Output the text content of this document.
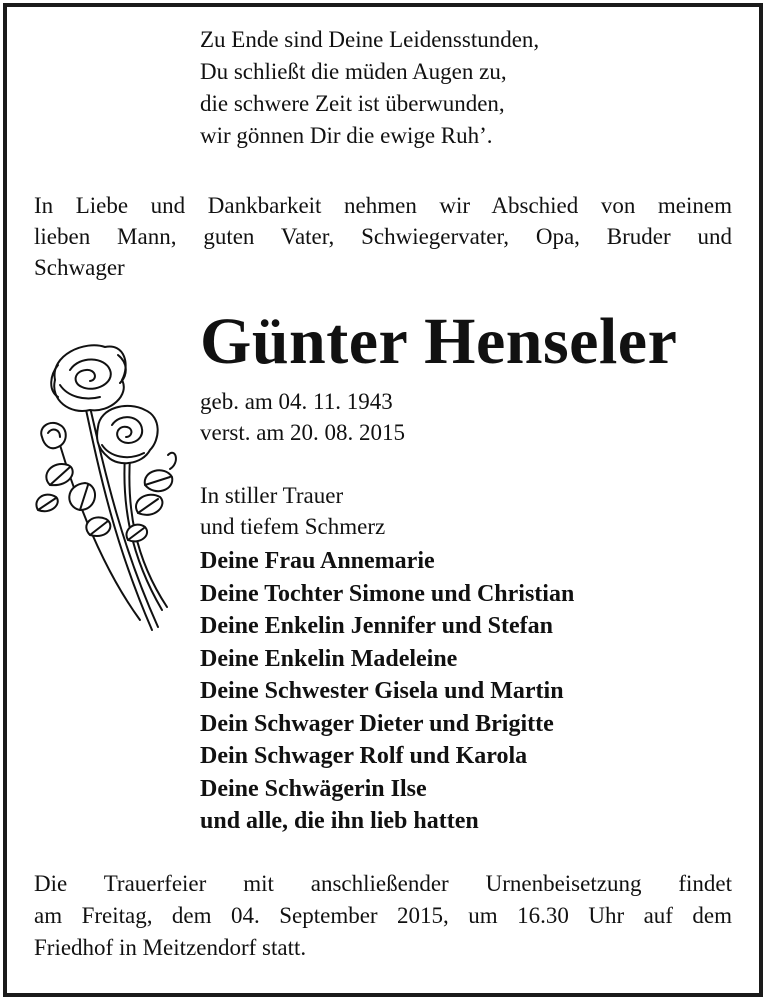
Zu Ende sind Deine Leidensstunden,
Du schließt die müden Augen zu,
die schwere Zeit ist überwunden,
wir gönnen Dir die ewige Ruh’.
In Liebe und Dankbarkeit nehmen wir Abschied von meinem
lieben Mann, guten Vater, Schwiegervater, Opa, Bruder und
Schwager
Günter Henseler
geb. am 04. 11. 1943
verst. am 20. 08. 2015
In stiller Trauer
und tiefem Schmerz
Deine Frau Annemarie
Deine Tochter Simone und Christian
Deine Enkelin Jennifer und Stefan
Deine Enkelin Madeleine
Deine Schwester Gisela und Martin
Dein Schwager Dieter und Brigitte
Dein Schwager Rolf und Karola
Deine Schwägerin Ilse
und alle, die ihn lieb hatten
Die Trauerfeier mit anschließender Urnenbeisetzung findet
am Freitag, dem 04. September 2015, um 16.30 Uhr auf dem
Friedhof in Meitzendorf statt.
